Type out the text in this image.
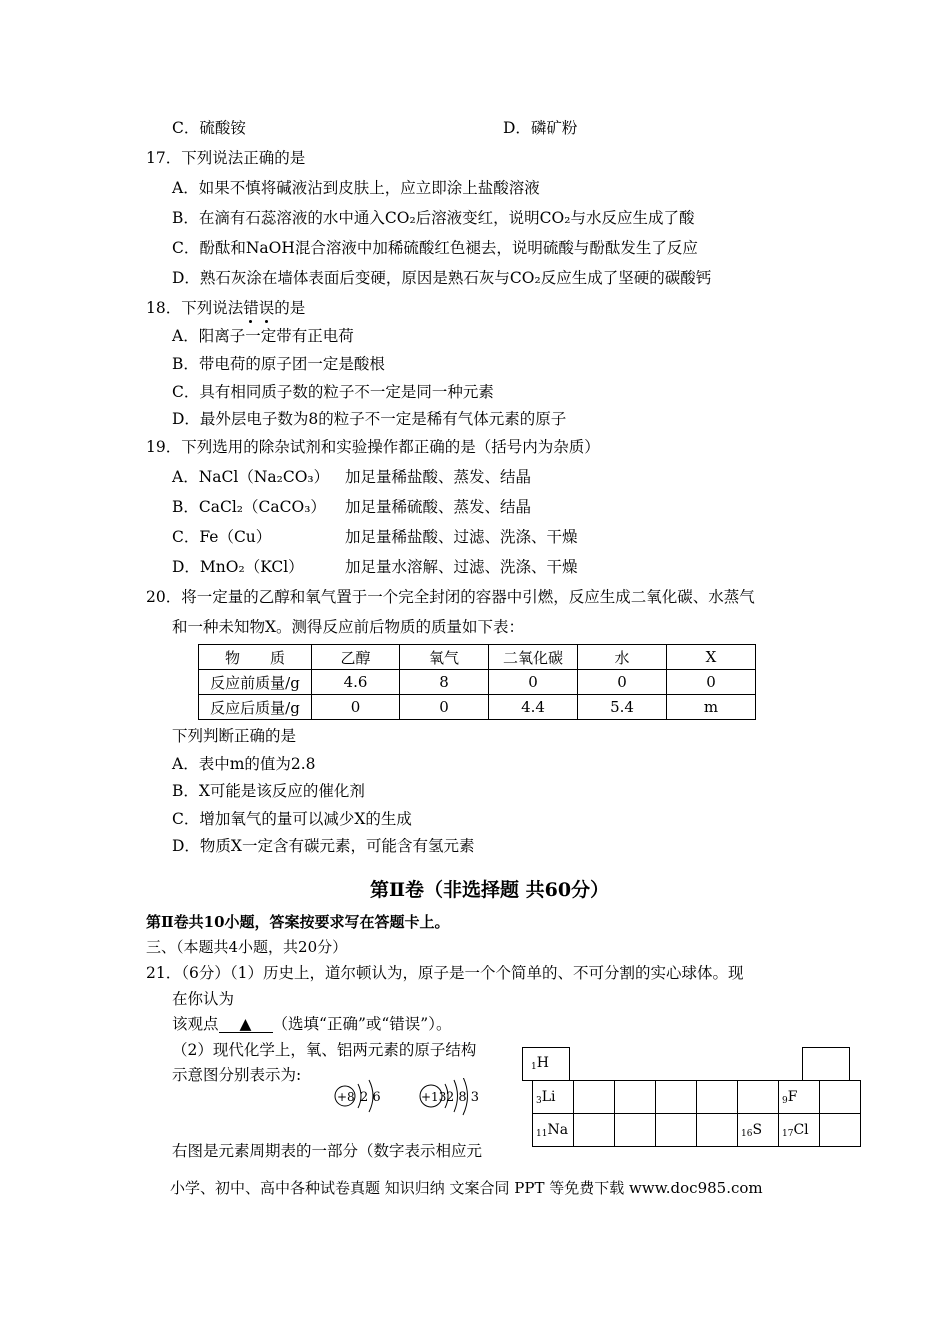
C．硫酸铵	D．磷矿粉
17．下列说法正确的是
A．如果不慎将碱液沾到皮肤上，应立即涂上盐酸溶液
B．在滴有石蕊溶液的水中通入CO₂后溶液变红，说明CO₂与水反应生成了酸
C．酚酞和NaOH混合溶液中加稀硫酸红色褪去，说明硫酸与酚酞发生了反应
D．熟石灰涂在墙体表面后变硬，原因是熟石灰与CO₂反应生成了坚硬的碳酸钙
18．下列说法错误的是
A．阳离子一定带有正电荷
B．带电荷的原子团一定是酸根
C．具有相同质子数的粒子不一定是同一种元素
D．最外层电子数为8的粒子不一定是稀有气体元素的原子
19．下列选用的除杂试剂和实验操作都正确的是（括号内为杂质）
A．NaCl（Na₂CO₃） 加足量稀盐酸、蒸发、结晶
B．CaCl₂（CaCO₃） 加足量稀硫酸、蒸发、结晶
C．Fe（Cu）	加足量稀盐酸、过滤、洗涤、干燥
D．MnO₂（KCl）	加足量水溶解、过滤、洗涤、干燥
20．将一定量的乙醇和氧气置于一个完全封闭的容器中引燃，反应生成二氧化碳、水蒸气
和一种未知物X。测得反应前后物质的质量如下表：
物　　质	乙醇	氧气	二氧化碳	水	X
反应前质量/g	4.6	8	0	0	0
反应后质量/g	0	0	4.4	5.4	m
下列判断正确的是
A．表中m的值为2.8
B．X可能是该反应的催化剂
C．增加氧气的量可以减少X的生成
D．物质X一定含有碳元素，可能含有氢元素
第Ⅱ卷（非选择题 共60分）
第Ⅱ卷共10小题，答案按要求写在答题卡上。
三、（本题共4小题，共20分）
21．（6分）（1）历史上，道尔顿认为，原子是一个个简单的、不可分割的实心球体。现
在你认为
该观点 ▲ （选填“正确”或“错误”）。
（2）现代化学上，氧、铝两元素的原子结构
示意图分别表示为:
+8 2 6	+13 2 8 3
右图是元素周期表的一部分（数字表示相应元
$_1$H
$_3$Li						$_9$F	
$_{11}$Na					$_{16}$S	$_{17}$Cl	
小学、初中、高中各种试卷真题 知识归纳 文案合同 PPT 等免费下载 www.doc985.com
